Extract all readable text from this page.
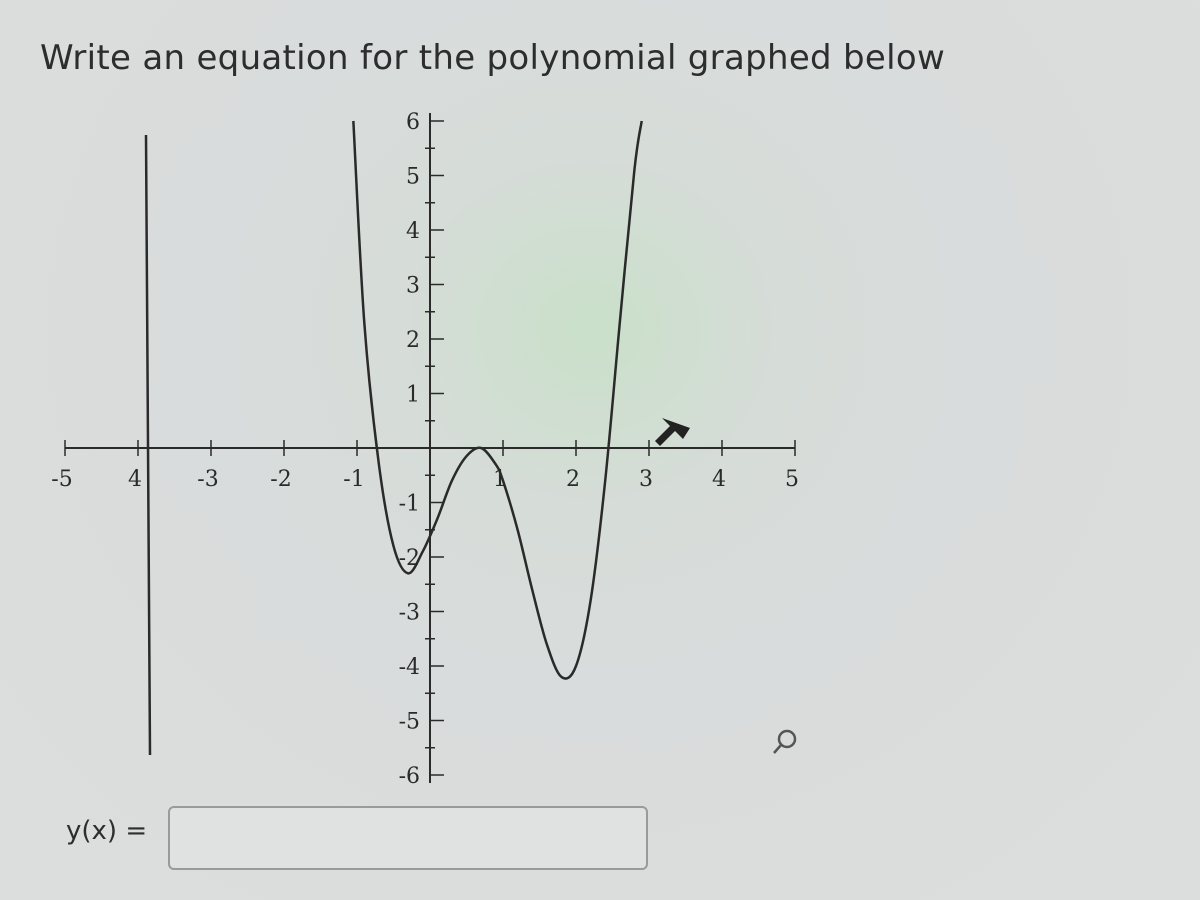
Write an equation for the polynomial graphed below
-5	4	-3 -2 -1	1	2	3	4	5
6
5
4
3
2
1
-1
-2
-3
-4
-5
-6
y(x) =
